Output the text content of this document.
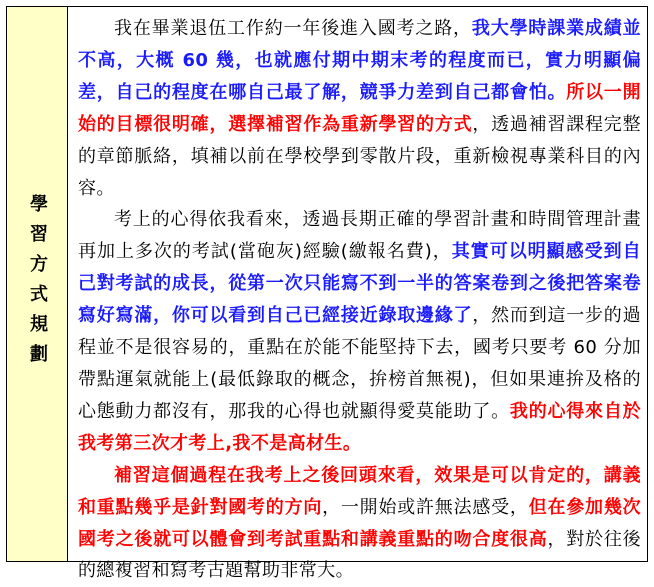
學習方式規劃

我在畢業退伍工作約一年後進入國考之路，我大學時課業成績並不高，大概 60 幾，也就應付期中期末考的程度而已，實力明顯偏差，自己的程度在哪自己最了解，競爭力差到自己都會怕。所以一開始的目標很明確，選擇補習作為重新學習的方式，透過補習課程完整的章節脈絡，填補以前在學校學到零散片段，重新檢視專業科目的內容。

考上的心得依我看來，透過長期正確的學習計畫和時間管理計畫再加上多次的考試(當砲灰)經驗(繳報名費)，其實可以明顯感受到自己對考試的成長，從第一次只能寫不到一半的答案卷到之後把答案卷寫好寫滿，你可以看到自己已經接近錄取邊緣了，然而到這一步的過程並不是很容易的，重點在於能不能堅持下去，國考只要考 60 分加帶點運氣就能上(最低錄取的概念，拚榜首無視)，但如果連拚及格的心態動力都沒有，那我的心得也就顯得愛莫能助了。我的心得來自於我考第三次才考上,我不是高材生。

補習這個過程在我考上之後回頭來看，效果是可以肯定的，講義和重點幾乎是針對國考的方向，一開始或許無法感受，但在參加幾次國考之後就可以體會到考試重點和講義重點的吻合度很高，對於往後的總複習和寫考古題幫助非常大。
